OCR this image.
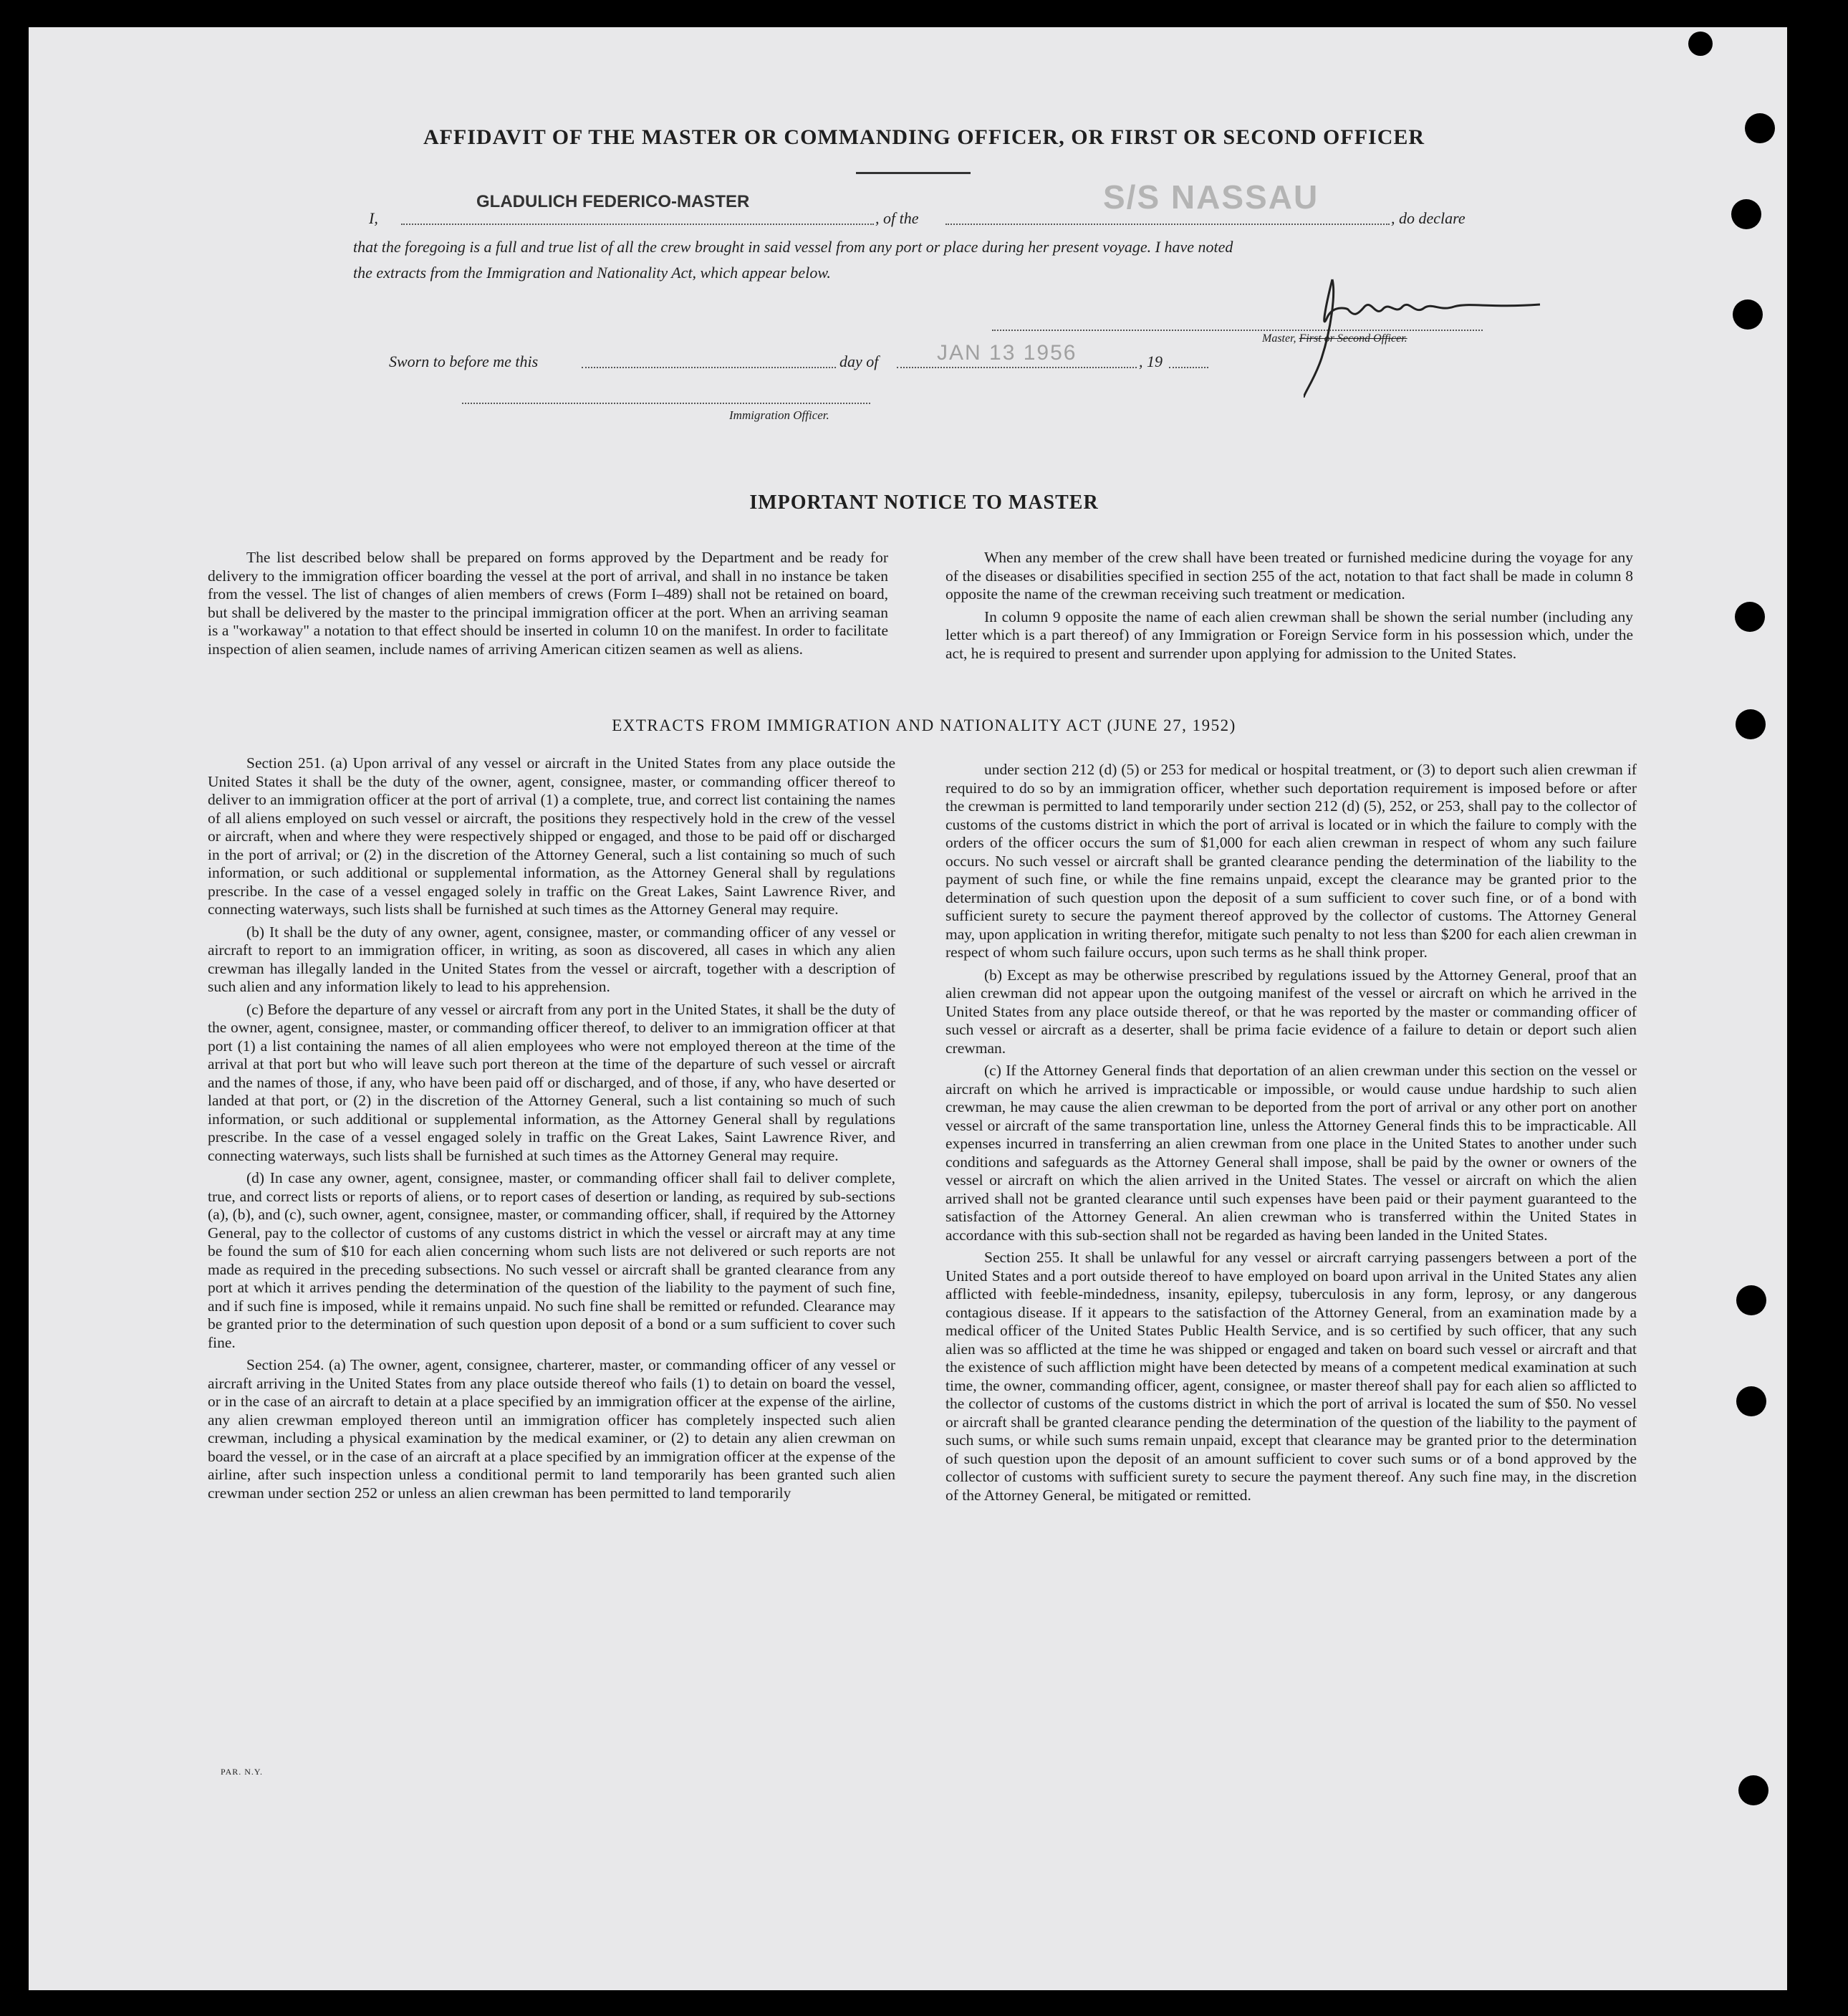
AFFIDAVIT OF THE MASTER OR COMMANDING OFFICER, OR FIRST OR SECOND OFFICER
I,
GLADULICH FEDERICO-MASTER
, of the
S/S NASSAU
, do declare
that the foregoing is a full and true list of all the crew brought in said vessel from any port or place during her present voyage. I have noted
the extracts from the Immigration and Nationality Act, which appear below.
Master, First or Second Officer.
Sworn to before me this	day of	JAN 13 1956	, 19
Immigration Officer.
IMPORTANT NOTICE TO MASTER

The list described below shall be prepared on forms approved by the Department and be ready for delivery to the immigration officer boarding the vessel at the port of arrival, and shall in no instance be taken from the vessel. The list of changes of alien members of crews (Form I–489) shall not be retained on board, but shall be delivered by the master to the principal immigration officer at the port. When an arriving seaman is a "workaway" a notation to that effect should be inserted in column 10 on the manifest. In order to facilitate inspection of alien seamen, include names of arriving American citizen seamen as well as aliens.

When any member of the crew shall have been treated or furnished medicine during the voyage for any of the diseases or disabilities specified in section 255 of the act, notation to that fact shall be made in column 8 opposite the name of the crewman receiving such treatment or medication.

In column 9 opposite the name of each alien crewman shall be shown the serial number (including any letter which is a part thereof) of any Immigration or Foreign Service form in his possession which, under the act, he is required to present and surrender upon applying for admission to the United States.

EXTRACTS FROM IMMIGRATION AND NATIONALITY ACT (JUNE 27, 1952)

Section 251. (a) Upon arrival of any vessel or aircraft in the United States from any place outside the United States it shall be the duty of the owner, agent, consignee, master, or commanding officer thereof to deliver to an immigration officer at the port of arrival (1) a complete, true, and correct list containing the names of all aliens employed on such vessel or aircraft, the positions they respectively hold in the crew of the vessel or aircraft, when and where they were respectively shipped or engaged, and those to be paid off or discharged in the port of arrival; or (2) in the discretion of the Attorney General, such a list containing so much of such information, or such additional or supplemental information, as the Attorney General shall by regulations prescribe. In the case of a vessel engaged solely in traffic on the Great Lakes, Saint Lawrence River, and connecting waterways, such lists shall be furnished at such times as the Attorney General may require.

(b) It shall be the duty of any owner, agent, consignee, master, or commanding officer of any vessel or aircraft to report to an immigration officer, in writing, as soon as discovered, all cases in which any alien crewman has illegally landed in the United States from the vessel or aircraft, together with a description of such alien and any information likely to lead to his apprehension.

(c) Before the departure of any vessel or aircraft from any port in the United States, it shall be the duty of the owner, agent, consignee, master, or commanding officer thereof, to deliver to an immigration officer at that port (1) a list containing the names of all alien employees who were not employed thereon at the time of the arrival at that port but who will leave such port thereon at the time of the departure of such vessel or aircraft and the names of those, if any, who have been paid off or discharged, and of those, if any, who have deserted or landed at that port, or (2) in the discretion of the Attorney General, such a list containing so much of such information, or such additional or supplemental information, as the Attorney General shall by regulations prescribe. In the case of a vessel engaged solely in traffic on the Great Lakes, Saint Lawrence River, and connecting waterways, such lists shall be furnished at such times as the Attorney General may require.

(d) In case any owner, agent, consignee, master, or commanding officer shall fail to deliver complete, true, and correct lists or reports of aliens, or to report cases of desertion or landing, as required by sub-sections (a), (b), and (c), such owner, agent, consignee, master, or commanding officer, shall, if required by the Attorney General, pay to the collector of customs of any customs district in which the vessel or aircraft may at any time be found the sum of $10 for each alien concerning whom such lists are not delivered or such reports are not made as required in the preceding subsections. No such vessel or aircraft shall be granted clearance from any port at which it arrives pending the determination of the question of the liability to the payment of such fine, and if such fine is imposed, while it remains unpaid. No such fine shall be remitted or refunded. Clearance may be granted prior to the determination of such question upon deposit of a bond or a sum sufficient to cover such fine.

Section 254. (a) The owner, agent, consignee, charterer, master, or commanding officer of any vessel or aircraft arriving in the United States from any place outside thereof who fails (1) to detain on board the vessel, or in the case of an aircraft to detain at a place specified by an immigration officer at the expense of the airline, any alien crewman employed thereon until an immigration officer has completely inspected such alien crewman, including a physical examination by the medical examiner, or (2) to detain any alien crewman on board the vessel, or in the case of an aircraft at a place specified by an immigration officer at the expense of the airline, after such inspection unless a conditional permit to land temporarily has been granted such alien crewman under section 252 or unless an alien crewman has been permitted to land temporarily

under section 212 (d) (5) or 253 for medical or hospital treatment, or (3) to deport such alien crewman if required to do so by an immigration officer, whether such deportation requirement is imposed before or after the crewman is permitted to land temporarily under section 212 (d) (5), 252, or 253, shall pay to the collector of customs of the customs district in which the port of arrival is located or in which the failure to comply with the orders of the officer occurs the sum of $1,000 for each alien crewman in respect of whom any such failure occurs. No such vessel or aircraft shall be granted clearance pending the determination of the liability to the payment of such fine, or while the fine remains unpaid, except the clearance may be granted prior to the determination of such question upon the deposit of a sum sufficient to cover such fine, or of a bond with sufficient surety to secure the payment thereof approved by the collector of customs. The Attorney General may, upon application in writing therefor, mitigate such penalty to not less than $200 for each alien crewman in respect of whom such failure occurs, upon such terms as he shall think proper.

(b) Except as may be otherwise prescribed by regulations issued by the Attorney General, proof that an alien crewman did not appear upon the outgoing manifest of the vessel or aircraft on which he arrived in the United States from any place outside thereof, or that he was reported by the master or commanding officer of such vessel or aircraft as a deserter, shall be prima facie evidence of a failure to detain or deport such alien crewman.

(c) If the Attorney General finds that deportation of an alien crewman under this section on the vessel or aircraft on which he arrived is impracticable or impossible, or would cause undue hardship to such alien crewman, he may cause the alien crewman to be deported from the port of arrival or any other port on another vessel or aircraft of the same transportation line, unless the Attorney General finds this to be impracticable. All expenses incurred in transferring an alien crewman from one place in the United States to another under such conditions and safeguards as the Attorney General shall impose, shall be paid by the owner or owners of the vessel or aircraft on which the alien arrived in the United States. The vessel or aircraft on which the alien arrived shall not be granted clearance until such expenses have been paid or their payment guaranteed to the satisfaction of the Attorney General. An alien crewman who is transferred within the United States in accordance with this sub-section shall not be regarded as having been landed in the United States.

Section 255. It shall be unlawful for any vessel or aircraft carrying passengers between a port of the United States and a port outside thereof to have employed on board upon arrival in the United States any alien afflicted with feeble-mindedness, insanity, epilepsy, tuberculosis in any form, leprosy, or any dangerous contagious disease. If it appears to the satisfaction of the Attorney General, from an examination made by a medical officer of the United States Public Health Service, and is so certified by such officer, that any such alien was so afflicted at the time he was shipped or engaged and taken on board such vessel or aircraft and that the existence of such affliction might have been detected by means of a competent medical examination at such time, the owner, commanding officer, agent, consignee, or master thereof shall pay for each alien so afflicted to the collector of customs of the customs district in which the port of arrival is located the sum of $50. No vessel or aircraft shall be granted clearance pending the determination of the question of the liability to the payment of such sums, or while such sums remain unpaid, except that clearance may be granted prior to the determination of such question upon the deposit of an amount sufficient to cover such sums or of a bond approved by the collector of customs with sufficient surety to secure the payment thereof. Any such fine may, in the discretion of the Attorney General, be mitigated or remitted.

PAR. N.Y.
